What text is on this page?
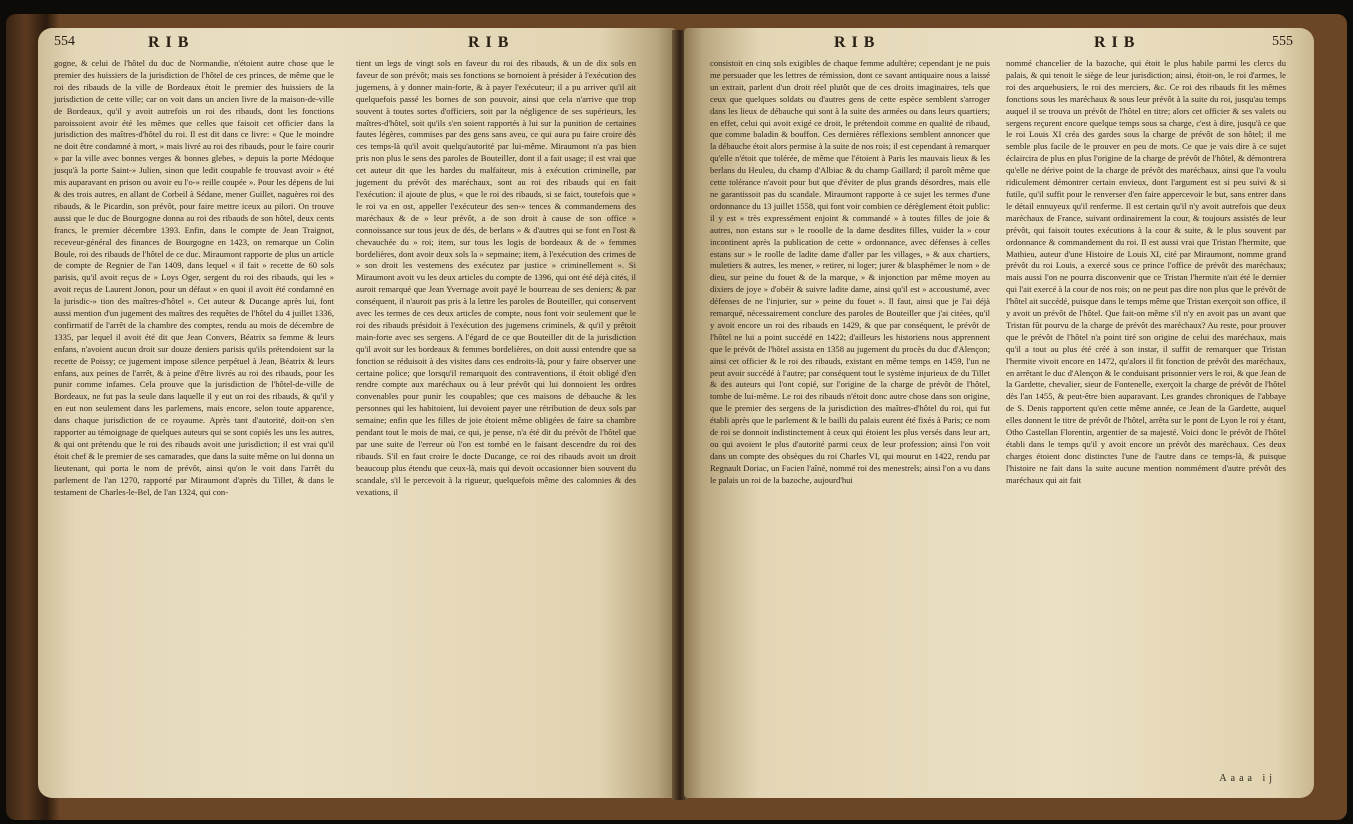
554	RIB	RIB
gogne, & celui de l'hôtel du duc de Normandie, n'étoient autre chose que le premier des huissiers de la jurisdiction de l'hôtel de ces princes, de même que le roi des ribauds de la ville de Bordeaux étoit le premier des huissiers de la jurisdiction de cette ville; car on voit dans un ancien livre de la maison-de-ville de Bordeaux, qu'il y avoit autrefois un roi des ribauds, dont les fonctions paroissoient avoir été les mêmes que celles que faisoit cet officier dans la jurisdiction des maîtres-d'hôtel du roi. Il est dit dans ce livre: « Que le moindre ne doit être condamné à mort, » mais livré au roi des ribauds, pour le faire courir » par la ville avec bonnes verges & bonnes glebes, » depuis la porte Médoque jusqu'à la porte Saint-» Julien, sinon que ledit coupable fe trouvast avoir » été mis auparavant en prison ou avoir eu l'o-» reille coupée ». Pour les dépens de lui & des trois autres, en allant de Corbeil à Sédane, mener Guillet, naguères roi des ribauds, & le Picardin, son prévôt, pour faire mettre iceux au pilori. On trouve aussi que le duc de Bourgogne donna au roi des ribauds de son hôtel, deux cents francs, le premier décembre 1393. Enfin, dans le compte de Jean Traignot, receveur-général des finances de Bourgogne en 1423, on remarque un Colin Boule, roi des ribauds de l'hôtel de ce duc. Miraumont rapporte de plus un article de compte de Regnier de l'an 1409, dans lequel « il fait » recette de 60 sols parisis, qu'il avoit reçus de » Loys Oger, sergent du roi des ribauds, qui les » avoit reçus de Laurent Jonon, pour un défaut » en quoi il avoit été condamné en la jurisdic-» tion des maîtres-d'hôtel ». Cet auteur & Ducange après lui, font aussi mention d'un jugement des maîtres des requêtes de l'hôtel du 4 juillet 1336, confirmatif de l'arrêt de la chambre des comptes, rendu au mois de décembre de 1335, par lequel il avoit été dit que Jean Convers, Béatrix sa femme & leurs enfans, n'avoient aucun droit sur douze deniers parisis qu'ils prétendoient sur la recette de Poissy; ce jugement impose silence perpétuel à Jean, Béatrix & leurs enfans, aux peines de l'arrêt, & à peine d'être livrés au roi des ribauds, pour les punir comme infames. Cela prouve que la jurisdiction de l'hôtel-de-ville de Bordeaux, ne fut pas la seule dans laquelle il y eut un roi des ribauds, & qu'il y en eut non seulement dans les parlemens, mais encore, selon toute apparence, dans chaque jurisdiction de ce royaume. Après tant d'autorité, doit-on s'en rapporter au témoignage de quelques auteurs qui se sont copiés les uns les autres, & qui ont prétendu que le roi des ribauds avoit une jurisdiction; il est vrai qu'il étoit chef & le premier de ses camarades, que dans la suite même on lui donna un lieutenant, qui porta le nom de prévôt, ainsi qu'on le voit dans l'arrêt du parlement de l'an 1270, rapporté par Miraumont d'après du Tillet, & dans le testament de Charles-le-Bel, de l'an 1324, qui con-
tient un legs de vingt sols en faveur du roi des ribauds, & un de dix sols en faveur de son prévôt; mais ses fonctions se bornoient à présider à l'exécution des jugemens, à y donner main-forte, & à payer l'exécuteur; il a pu arriver qu'il ait quelquefois passé les bornes de son pouvoir, ainsi que cela n'arrive que trop souvent à toutes sortes d'officiers, soit par la négligence de ses supérieurs, les maîtres-d'hôtel, soit qu'ils s'en soient rapportés à lui sur la punition de certaines fautes légères, commises par des gens sans aveu, ce qui aura pu faire croire dès ces temps-là qu'il avoit quelqu'autorité par lui-même. Miraumont n'a pas bien pris non plus le sens des paroles de Bouteiller, dont il a fait usage; il est vrai que cet auteur dit que les hardes du malfaiteur, mis à exécution criminelle, par jugement du prévôt des maréchaux, sont au roi des ribauds qui en fait l'exécution: il ajoute de plus, « que le roi des ribauds, si se faict, toutefois que » le roi va en ost, appeller l'exécuteur des sen-» tences & commandemens des maréchaux & de » leur prévôt, a de son droit à cause de son office » connoissance sur tous jeux de dés, de berlans » & d'autres qui se font en l'ost & chevauchée du » roi; item, sur tous les logis de bordeaux & de » femmes bordelières, dont avoir deux sols la » sepmaine; item, à l'exécution des crimes de » son droit les vestemens des exécutez par justice » criminellement ». Si Miraumont avoit vu les deux articles du compte de 1396, qui ont été déjà cités, il auroit remarqué que Jean Yvernage avoit payé le bourreau de ses deniers; & par conséquent, il n'auroit pas pris à la lettre les paroles de Bouteiller, qui conservent avec les termes de ces deux articles de compte, nous font voir seulement que le roi des ribauds présidoit à l'exécution des jugemens criminels, & qu'il y prêtoit main-forte avec ses sergens. A l'égard de ce que Bouteiller dit de la jurisdiction qu'il avoit sur les bordeaux & femmes bordelières, on doit aussi entendre que sa fonction se réduisoit à des visites dans ces endroits-là, pour y faire observer une certaine police; que lorsqu'il remarquoit des contraventions, il étoit obligé d'en rendre compte aux maréchaux ou à leur prévôt qui lui donnoient les ordres convenables pour punir les coupables; que ces maisons de débauche & les personnes qui les habitoient, lui devoient payer une rétribution de deux sols par semaine; enfin que les filles de joie étoient même obligées de faire sa chambre pendant tout le mois de mai, ce qui, je pense, n'a été dit du prévôt de l'hôtel que par une suite de l'erreur où l'on est tombé en le faisant descendre du roi des ribauds. S'il en faut croire le docte Ducange, ce roi des ribauds avoit un droit beaucoup plus étendu que ceux-là, mais qui devoit occasionner bien souvent du scandale, s'il le percevoit à la rigueur, quelquefois même des calomnies & des vexations, il
RIB	RIB	555
consistoit en cinq sols exigibles de chaque femme adultère; cependant je ne puis me persuader que les lettres de rémission, dont ce savant antiquaire nous a laissé un extrait, parlent d'un droit réel plutôt que de ces droits imaginaires, tels que ceux que quelques soldats ou d'autres gens de cette espèce semblent s'arroger dans les lieux de débauche qui sont à la suite des armées ou dans leurs quartiers; en effet, celui qui avoit exigé ce droit, le prétendoit comme en qualité de ribaud, que comme baladin & bouffon. Ces dernières réflexions semblent annoncer que la débauche étoit alors permise à la suite de nos rois; il est cependant à remarquer qu'elle n'étoit que tolérée, de même que l'étoient à Paris les mauvais lieux & les berlans du Heuleu, du champ d'Albiac & du champ Gaillard; il paroît même que cette tolérance n'avoit pour but que d'éviter de plus grands désordres, mais elle ne garantissoit pas du scandale. Miraumont rapporte à ce sujet les termes d'une ordonnance du 13 juillet 1558, qui font voir combien ce dérèglement étoit public: il y est « très expressément enjoint & commandé » à toutes filles de joie & autres, non estans sur » le rooolle de la dame desdites filles, vuider la » cour incontinent après la publication de cette » ordonnance, avec défenses à celles estans sur » le roolle de ladite dame d'aller par les villages, » & aux chartiers, muletiers & autres, les mener, » retirer, ni loger; jurer & blasphémer le nom » de dieu, sur peine du fouet & de la marque, » & injonction par même moyen au dixiers de joye » d'obéir & suivre ladite dame, ainsi qu'il est » accoustumé, avec défenses de ne l'injurier, sur » peine du fouet ». Il faut, ainsi que je l'ai déjà remarqué, nécessairement conclure des paroles de Bouteiller que j'ai citées, qu'il y avoit encore un roi des ribauds en 1429, & que par conséquent, le prévôt de l'hôtel ne lui a point succédé en 1422; d'ailleurs les historiens nous apprennent que le prévôt de l'hôtel assista en 1358 au jugement du procès du duc d'Alençon; ainsi cet officier & le roi des ribauds, existant en même temps en 1459, l'un ne peut avoir succédé à l'autre; par conséquent tout le système injurieux de du Tillet & des auteurs qui l'ont copié, sur l'origine de la charge de prévôt de l'hôtel, tombe de lui-même. Le roi des ribauds n'étoit donc autre chose dans son origine, que le premier des sergens de la jurisdiction des maîtres-d'hôtel du roi, qui fut établi après que le parlement & le bailli du palais eurent été fixés à Paris; ce nom de roi se donnoit indistinctement à ceux qui étoient les plus versés dans leur art, ou qui avoient le plus d'autorité parmi ceux de leur profession; ainsi l'on voit dans un compte des obsèques du roi Charles VI, qui mourut en 1422, rendu par Regnault Doriac, un Facien l'aîné, nommé roi des menestrels; ainsi l'on a vu dans le palais un roi de la bazoche, aujourd'hui
nommé chancelier de la bazoche, qui étoit le plus habile parmi les clercs du palais, & qui tenoit le siège de leur jurisdiction; ainsi, étoit-on, le roi d'armes, le roi des arquebusiers, le roi des merciers, &c. Ce roi des ribauds fit les mêmes fonctions sous les maréchaux & sous leur prévôt à la suite du roi, jusqu'au temps auquel il se trouva un prévôt de l'hôtel en titre; alors cet officier & ses valets ou sergens reçurent encore quelque temps sous sa charge, c'est à dire, jusqu'à ce que le roi Louis XI créa des gardes sous la charge de prévôt de son hôtel; il me semble plus facile de le prouver en peu de mots. Ce que je vais dire à ce sujet éclaircira de plus en plus l'origine de la charge de prévôt de l'hôtel, & démontrera qu'elle ne dérive point de la charge de prévôt des maréchaux, ainsi que l'a voulu ridiculement démontrer certain envieux, dont l'argument est si peu suivi & si futile, qu'il suffit pour le renverser d'en faire appercevoir le but, sans entrer dans le détail ennuyeux qu'il renferme. Il est certain qu'il n'y avoit autrefois que deux maréchaux de France, suivant ordinairement la cour, & toujours assistés de leur prévôt, qui faisoit toutes exécutions à la cour & suite, & le plus souvent par ordonnance & commandement du roi. Il est aussi vrai que Tristan l'hermite, que Mathieu, auteur d'une Histoire de Louis XI, cité par Miraumont, nomme grand prévôt du roi Louis, a exercé sous ce prince l'office de prévôt des maréchaux; mais aussi l'on ne pourra disconvenir que ce Tristan l'hermite n'ait été le dernier qui l'ait exercé à la cour de nos rois; on ne peut pas dire non plus que le prévôt de l'hôtel ait succédé, puisque dans le temps même que Tristan exerçoit son office, il y avoit un prévôt de l'hôtel. Que fait-on même s'il n'y en avoit pas un avant que Tristan fût pourvu de la charge de prévôt des maréchaux? Au reste, pour prouver que le prévôt de l'hôtel n'a point tiré son origine de celui des maréchaux, mais qu'il a tout au plus été créé à son instar, il suffit de remarquer que Tristan l'hermite vivoit encore en 1472, qu'alors il fit fonction de prévôt des maréchaux, en arrêtant le duc d'Alençon & le conduisant prisonnier vers le roi, & que Jean de la Gardette, chevalier, sieur de Fontenelle, exerçoit la charge de prévôt de l'hôtel dès l'an 1455, & peut-être bien auparavant. Les grandes chroniques de l'abbaye de S. Denis rapportent qu'en cette même année, ce Jean de la Gardette, auquel elles donnent le titre de prévôt de l'hôtel, arrêta sur le pont de Lyon le roi y étant, Otho Castellan Florentin, argentier de sa majesté. Voici donc le prévôt de l'hôtel établi dans le temps qu'il y avoit encore un prévôt des maréchaux. Ces deux charges étoient donc distinctes l'une de l'autre dans ce temps-là, & puisque l'histoire ne fait dans la suite aucune mention nommément d'autre prévôt des maréchaux qui ait fait
Aaaa ij
